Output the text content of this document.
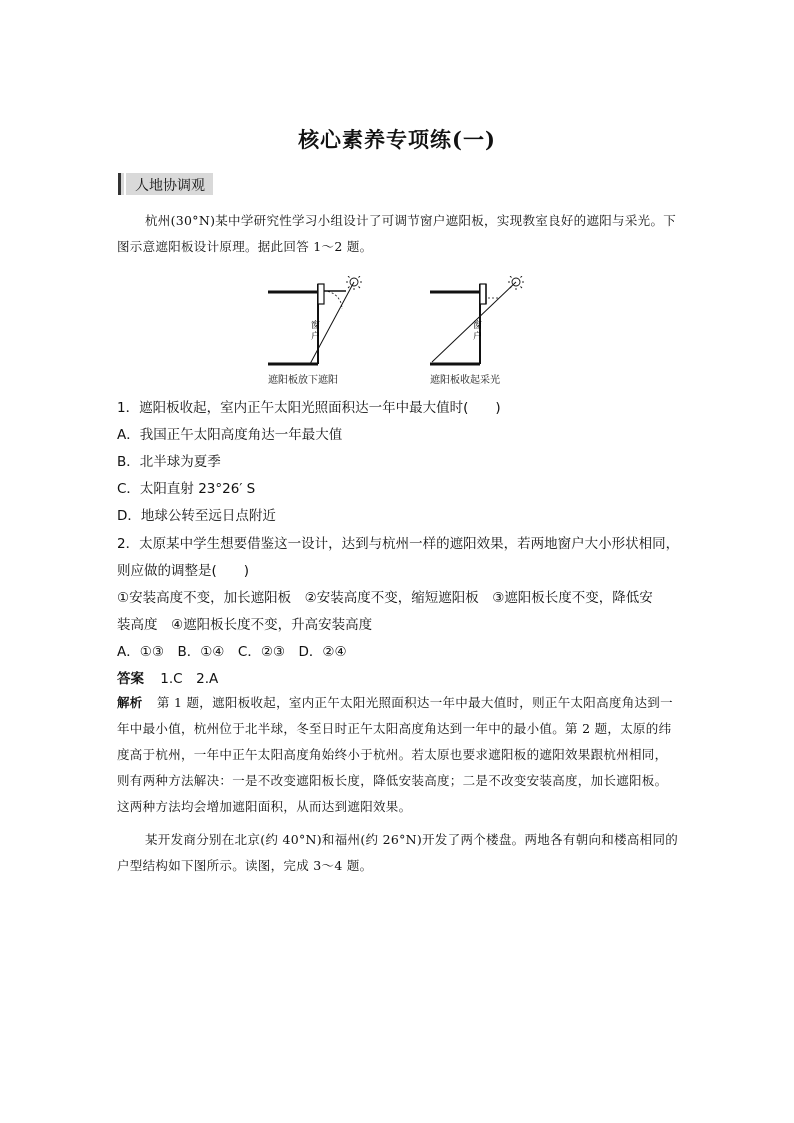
核心素养专项练(一)
人地协调观
杭州(30°N)某中学研究性学习小组设计了可调节窗户遮阳板，实现教室良好的遮阳与采光。下图示意遮阳板设计原理。据此回答 1～2 题。
窗
户
遮阳板放下遮阳
窗
户
遮阳板收起采光
1．遮阳板收起，室内正午太阳光照面积达一年中最大值时(　　)
A．我国正午太阳高度角达一年最大值
B．北半球为夏季
C．太阳直射 23°26′ S
D．地球公转至远日点附近
2．太原某中学生想要借鉴这一设计，达到与杭州一样的遮阳效果，若两地窗户大小形状相同，
则应做的调整是(　　)
①安装高度不变，加长遮阳板　②安装高度不变，缩短遮阳板　③遮阳板长度不变，降低安
装高度　④遮阳板长度不变，升高安装高度
A．①③　B．①④　C．②③　D．②④
答案 1.C　2.A
解析 第 1 题，遮阳板收起，室内正午太阳光照面积达一年中最大值时，则正午太阳高度角达到一年中最小值，杭州位于北半球，冬至日时正午太阳高度角达到一年中的最小值。第 2 题，太原的纬度高于杭州，一年中正午太阳高度角始终小于杭州。若太原也要求遮阳板的遮阳效果跟杭州相同，则有两种方法解决：一是不改变遮阳板长度，降低安装高度；二是不改变安装高度，加长遮阳板。这两种方法均会增加遮阳面积，从而达到遮阳效果。
某开发商分别在北京(约 40°N)和福州(约 26°N)开发了两个楼盘。两地各有朝向和楼高相同的户型结构如下图所示。读图，完成 3～4 题。
